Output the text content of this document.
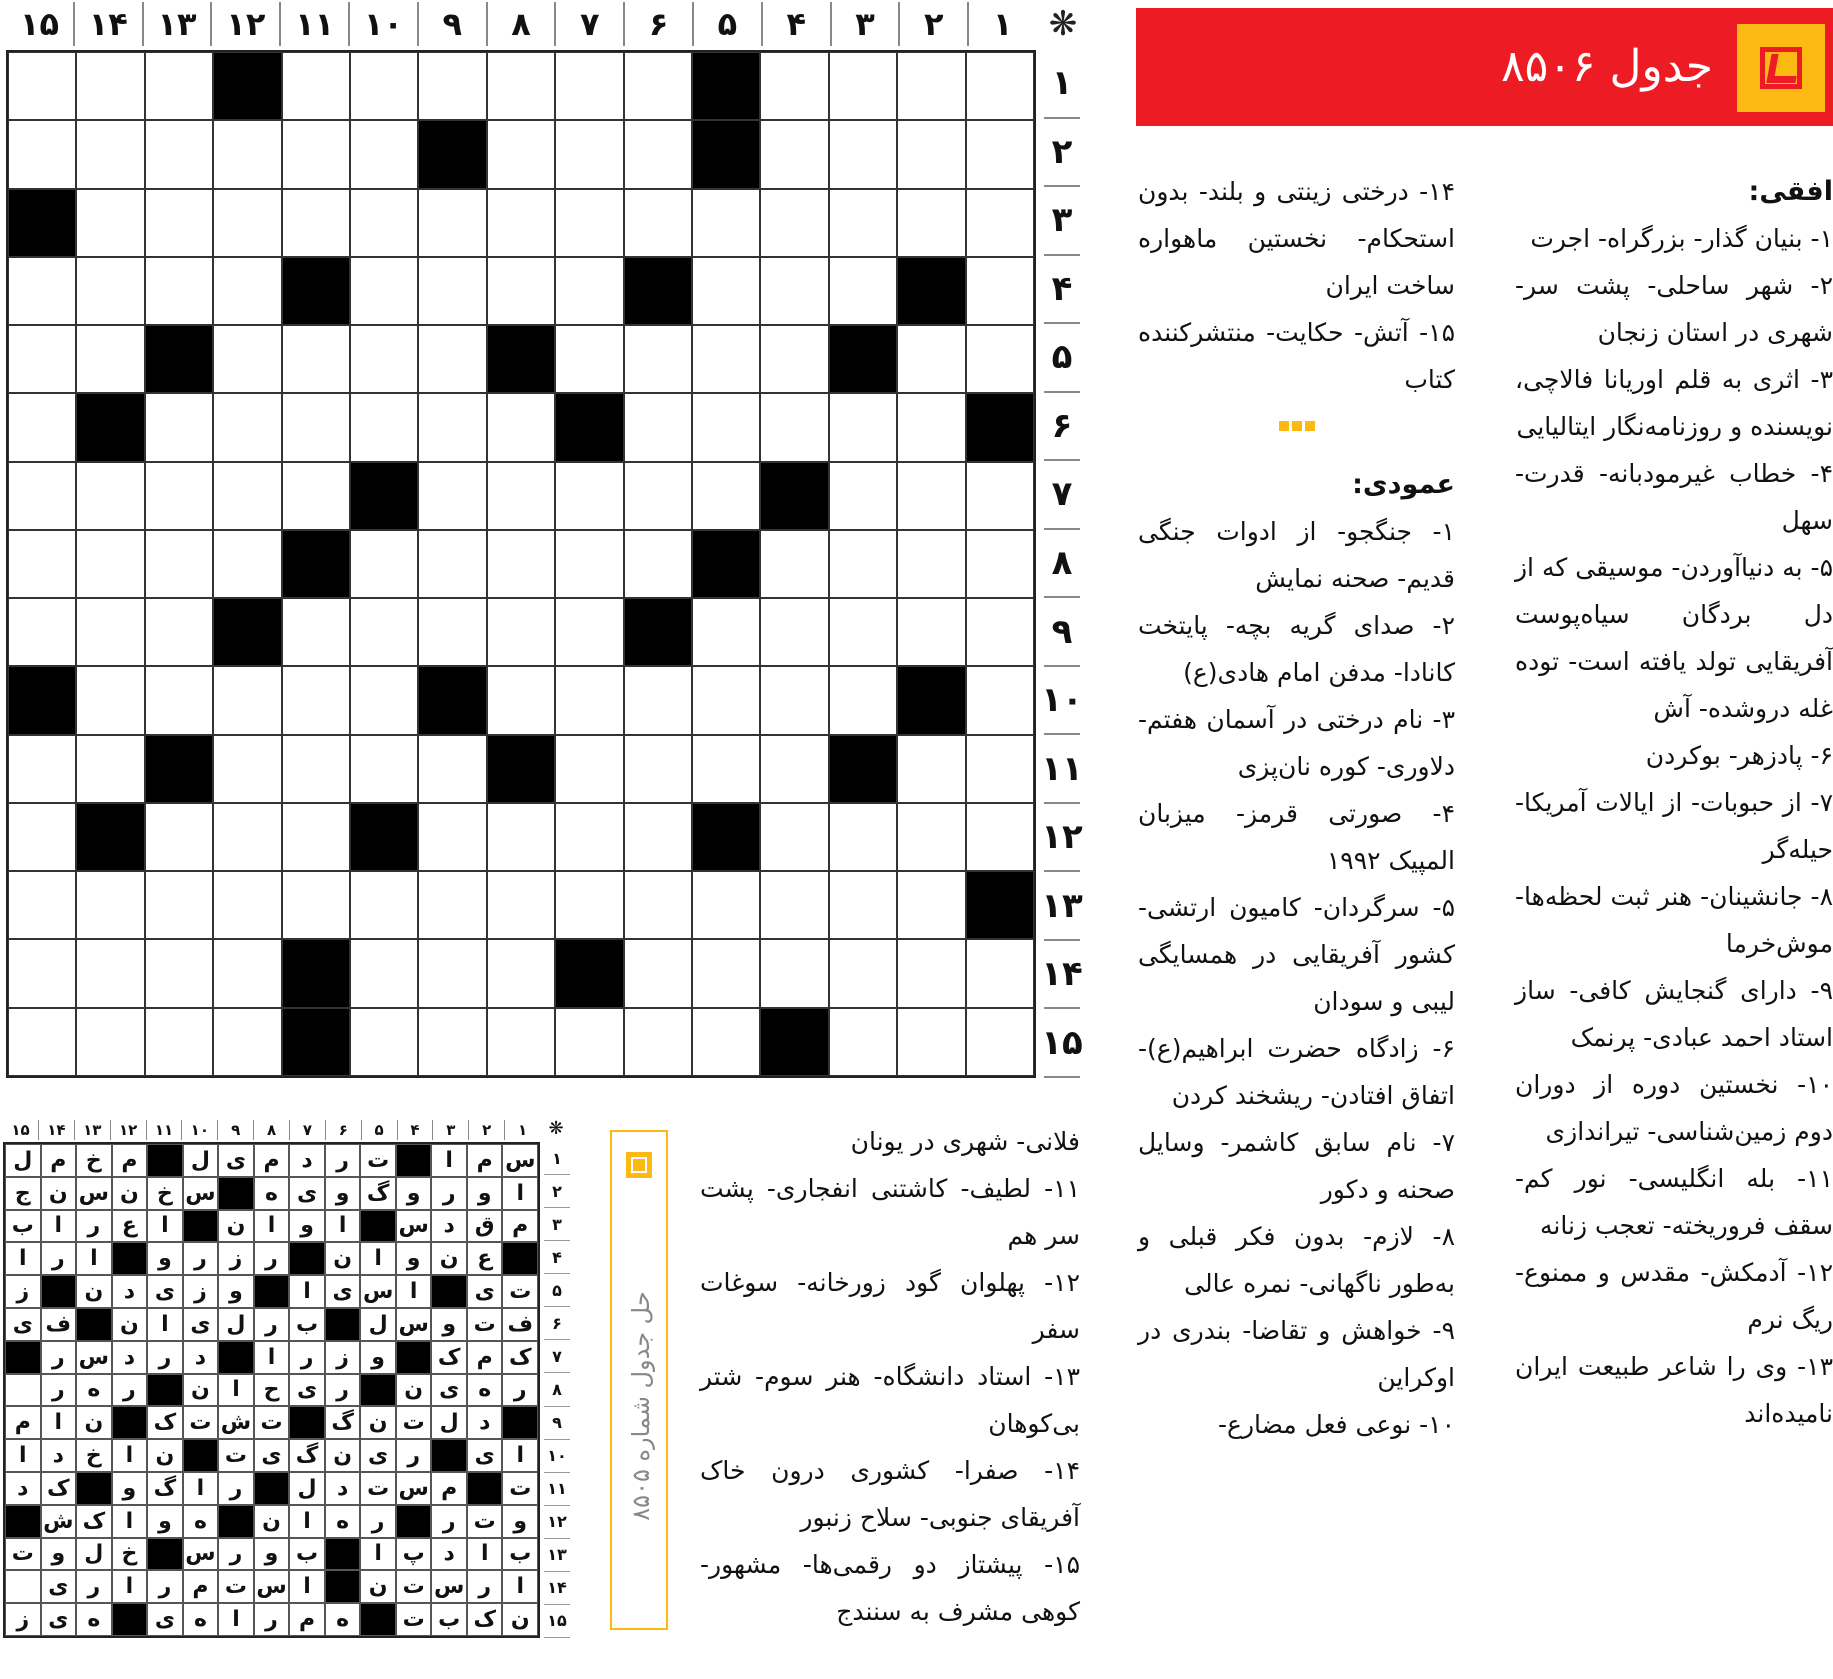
۱
۲
۳
۴
۵
۶
۷
۸
۹
۱۰
۱۱
۱۲
۱۳
۱۴
۱۵	❋
۱
۲
۳
۴
۵
۶
۷
۸
۹
۱۰
۱۱
۱۲
۱۳
۱۴
۱۵
جدول ۸۵۰۶
افقی:

۱- بنیان گذار- بزرگراه- اجرت

۲- شهر ساحلی- پشت سر- شهری در استان زنجان

۳- اثری به قلم اوریانا فالاچی، نویسنده و روزنامه‌نگار ایتالیایی

۴- خطاب غیرمودبانه- قدرت- سهل

۵- به دنیاآوردن- موسیقی که از دل بردگان سیاه‌پوست آفریقایی تولد یافته است- توده غله دروشده- آش

۶- پادزهر- بوکردن

۷- از حبوبات- از ایالات آمریکا- حیله‌گر

۸- جانشینان- هنر ثبت لحظه‌ها- موش‌خرما

۹- دارای گنجایش کافی- ساز استاد احمد عبادی- پرنمک

۱۰- نخستین دوره از دوران دوم زمین‌شناسی- تیراندازی

۱۱- بله انگلیسی- نور کم- سقف فروریخته- تعجب زنانه

۱۲- آدمکش- مقدس و ممنوع- ریگ نرم

۱۳- وی را شاعر طبیعت ایران نامیده‌اند

۱۴- درختی زینتی و بلند- بدون استحکام- نخستین ماهواره ساخت ایران

۱۵- آتش- حکایت- منتشرکننده کتاب

عمودی:

۱- جنگجو- از ادوات جنگی قدیم- صحنه نمایش

۲- صدای گریه بچه- پایتخت کانادا- مدفن امام هادی(ع)

۳- نام درختی در آسمان هفتم- دلاوری- کوره نان‌پزی

۴- صورتی قرمز- میزبان المپیک ۱۹۹۲

۵- سرگردان- کامیون ارتشی- کشور آفریقایی در همسایگی لیبی و سودان

۶- زادگاه حضرت ابراهیم(ع)- اتفاق افتادن- ریشخند کردن

۷- نام سابق کاشمر- وسایل صحنه و دکور

۸- لازم- بدون فکر قبلی و به‌طور ناگهانی- نمره عالی

۹- خواهش و تقاضا- بندری در اوکراین

۱۰- نوعی فعل مضارع-

فلانی- شهری در یونان

۱۱- لطیف- کاشتنی انفجاری- پشت سر هم

۱۲- پهلوان گود زورخانه- سوغات سفر

۱۳- استاد دانشگاه- هنر سوم- شتر بی‌کوهان

۱۴- صفرا- کشوری درون خاک آفریقای جنوبی- سلاح زنبور

۱۵- پیشتاز دو رقمی‌ها- مشهور- کوهی مشرف به سنندج

حل جدول شماره ۸۵۰۵
۱
۲
۳
۴
۵
۶
۷
۸
۹
۱۰
۱۱
۱۲
۱۳
۱۴
۱۵	❋
س
م
ا
ت
ر
د
م
ی
ل
م
خ
م
ل
ا
و
ر
و
گ
و
ی
ه
س
خ
ن
س
ن
ج
م
ق
د
س
ا
و
ا
ن
ا
ع
ر
ا
ب
ع
ن
و
ا
ن
ر
ز
ر
و
ا
ر
ا
ت
ی
ا
س
ی
ا
و
ز
ی
د
ن
ز
ف
ت
و
س
ل
ب
ر
ل
ی
ا
ن
ف
ی
ک
م
ک
و
ز
ر
ا
د
ر
د
س
ر
ر
ه
ی
ن
ر
ی
ح
ا
ن
ر
ه
ر
د
ل
ت
ن
گ
ت
ش
ت
ک
ن
ا
م
ا
ی
ر
ی
ن
گ
ی
ت
ن
ا
خ
د
ا
ت
م
س
ت
د
ل
ر
ا
گ
و
ک
د
و
ت
ر
ر
ه
ا
ن
ه
و
ا
ک
ش
ب
ا
د
پ
ا
ب
و
ر
س
خ
ل
و
ت
ا
ر
س
ت
ن
ا
س
ت
م
ر
ا
ر
ی
ن
ک
ب
ت
ه
م
ر
ا
ه
ی
ه
ی
ز
۱
۲
۳
۴
۵
۶
۷
۸
۹
۱۰
۱۱
۱۲
۱۳
۱۴
۱۵
